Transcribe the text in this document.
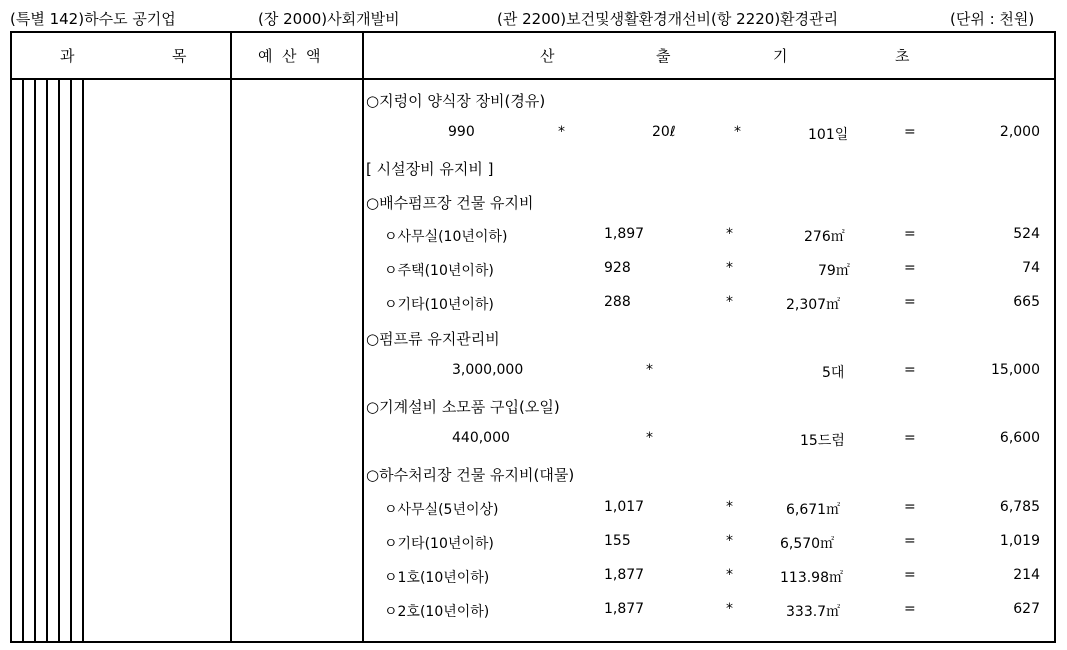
(특별 142)하수도 공기업	(장 2000)사회개발비	(관 2200)보건및생활환경개선비(항 2220)환경관리	(단위 : 천원)
과	목	예  산  액	산	출	기	초
○지렁이 양식장 장비(경유)
990	*	20ℓ	*	101일	=	2,000
[ 시설장비 유지비 ]
○배수펌프장 건물 유지비
ㅇ사무실(10년이하)	1,897	*	276㎡	=	524
ㅇ주택(10년이하)	928	*	79㎡	=	74
ㅇ기타(10년이하)	288	*	2,307㎡	=	665
○펌프류 유지관리비
3,000,000	*	5대	=	15,000
○기계설비 소모품 구입(오일)
440,000	*	15드럼	=	6,600
○하수처리장 건물 유지비(대물)
ㅇ사무실(5년이상)	1,017	*	6,671㎡	=	6,785
ㅇ기타(10년이하)	155	*	6,570㎡	=	1,019
ㅇ1호(10년이하)	1,877	*	113.98㎡	=	214
ㅇ2호(10년이하)	1,877	*	333.7㎡	=	627
